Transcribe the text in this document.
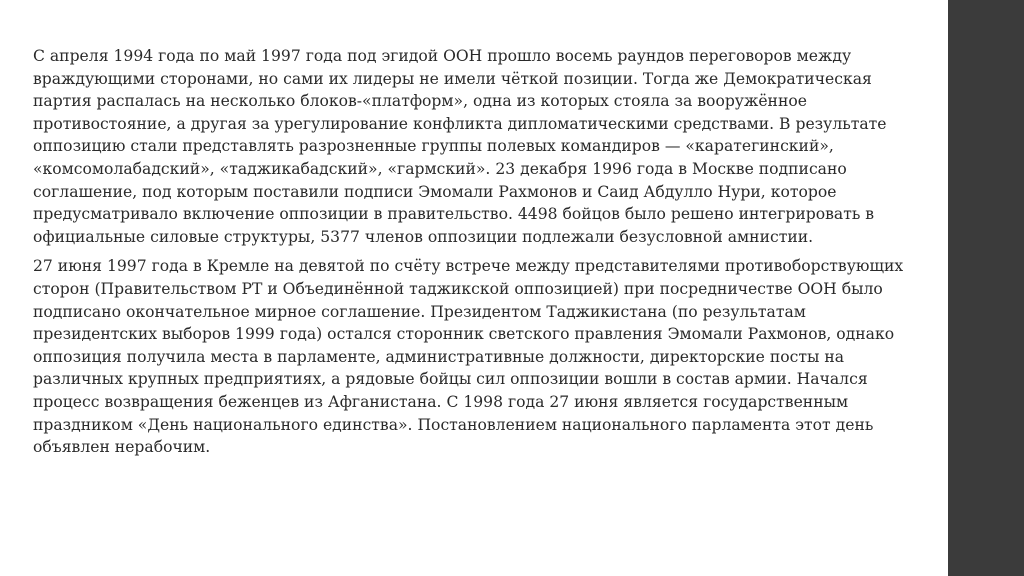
С апреля 1994 года по май 1997 года под эгидой ООН прошло восемь раундов переговоров между враждующими сторонами, но сами их лидеры не имели чёткой позиции. Тогда же Демократическая партия распалась на несколько блоков-«платформ», одна из которых стояла за вооружённое противостояние, а другая за урегулирование конфликта дипломатическими средствами. В результате оппозицию стали представлять разрозненные группы полевых командиров — «каратегинский», «комсомолабадский», «таджикабадский», «гармский». 23 декабря 1996 года в Москве подписано соглашение, под которым поставили подписи Эмомали Рахмонов и Саид Абдулло Нури, которое предусматривало включение оппозиции в правительство. 4498 бойцов было решено интегрировать в официальные силовые структуры, 5377 членов оппозиции подлежали безусловной амнистии.

27 июня 1997 года в Кремле на девятой по счёту встрече между представителями противоборствующих сторон (Правительством РТ и Объединённой таджикской оппозицией) при посредничестве ООН было подписано окончательное мирное соглашение. Президентом Таджикистана (по результатам президентских выборов 1999 года) остался сторонник светского правления Эмомали Рахмонов, однако оппозиция получила места в парламенте, административные должности, директорские посты на различных крупных предприятиях, а рядовые бойцы сил оппозиции вошли в состав армии. Начался процесс возвращения беженцев из Афганистана. С 1998 года 27 июня является государственным праздником «День национального единства». Постановлением национального парламента этот день объявлен нерабочим.
